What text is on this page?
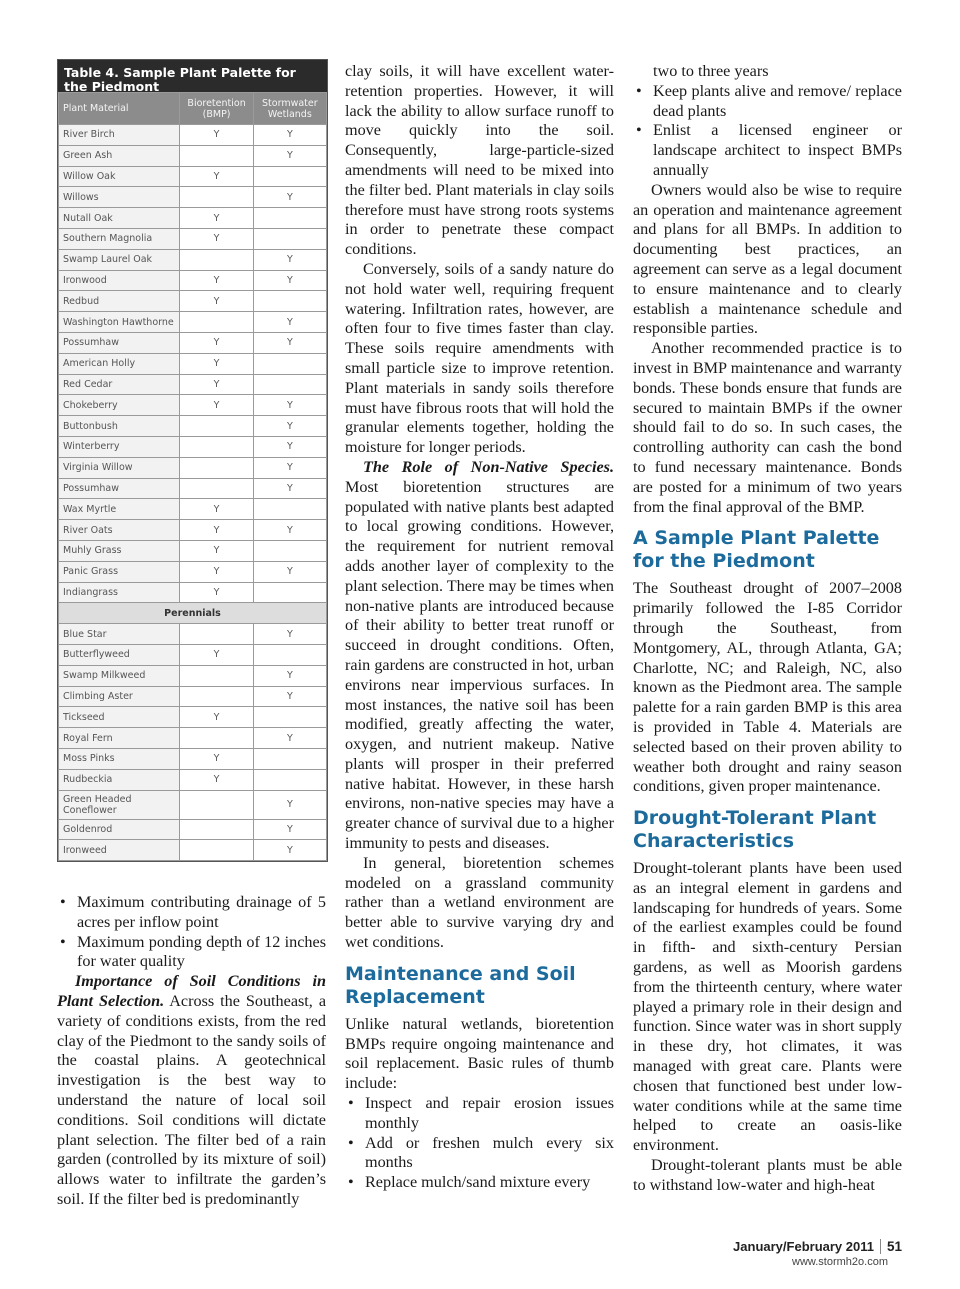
Table 4. Sample Plant Palette for the Piedmont
Plant Material	Bioretention (BMP)	Stormwater Wetlands
River Birch	Y	Y
Green Ash		Y
Willow Oak	Y	
Willows		Y
Nutall Oak	Y	
Southern Magnolia	Y	
Swamp Laurel Oak		Y
Ironwood	Y	Y
Redbud	Y	
Washington Hawthorne		Y
Possumhaw	Y	Y
American Holly	Y	
Red Cedar	Y	
Chokeberry	Y	Y
Buttonbush		Y
Winterberry		Y
Virginia Willow		Y
Possumhaw		Y
Wax Myrtle	Y	
River Oats	Y	Y
Muhly Grass	Y	
Panic Grass	Y	Y
Indiangrass	Y	
Perennials		
Blue Star		Y
Butterflyweed	Y	
Swamp Milkweed		Y
Climbing Aster		Y
Tickseed	Y	
Royal Fern		Y
Moss Pinks	Y	
Rudbeckia	Y	
Green Headed Coneflower		Y
Goldenrod		Y
Ironweed		Y
• Maximum contributing drainage of 5 acres per inflow point
• Maximum ponding depth of 12 inches for water quality

Importance of Soil Conditions in Plant Selection. Across the Southeast, a variety of conditions exists, from the red clay of the Piedmont to the sandy soils of the coastal plains. A geotechnical investigation is the best way to understand the nature of local soil conditions. Soil conditions will dictate plant selection. The filter bed of a rain garden (controlled by its mixture of soil) allows water to infiltrate the garden’s soil. If the filter bed is predominantly

clay soils, it will have excellent water-retention properties. However, it will lack the ability to allow surface runoff to move quickly into the soil. Consequently, large-particle-sized amendments will need to be mixed into the filter bed. Plant materials in clay soils therefore must have strong roots systems in order to penetrate these compact conditions.

Conversely, soils of a sandy nature do not hold water well, requiring frequent watering. Infiltration rates, however, are often four to five times faster than clay. These soils require amendments with small particle size to improve retention. Plant materials in sandy soils therefore must have fibrous roots that will hold the granular elements together, holding the moisture for longer periods.

The Role of Non-Native Species. Most bioretention structures are populated with native plants best adapted to local growing conditions. However, the requirement for nutrient removal adds another layer of complexity to the plant selection. There may be times when non-native plants are introduced because of their ability to better treat runoff or succeed in drought conditions. Often, rain gardens are constructed in hot, urban environs near impervious surfaces. In most instances, the native soil has been modified, greatly affecting the water, oxygen, and nutrient makeup. Native plants will prosper in their preferred native habitat. However, in these harsh environs, non-native species may have a greater chance of survival due to a higher immunity to pests and diseases.

In general, bioretention schemes modeled on a grassland community rather than a wetland environment are better able to survive varying dry and wet conditions.

Maintenance and Soil Replacement

Unlike natural wetlands, bioretention BMPs require ongoing maintenance and soil replacement. Basic rules of thumb include:

• Inspect and repair erosion issues monthly
• Add or freshen mulch every six months
• Replace mulch/sand mixture every

two to three years

• Keep plants alive and remove/ replace dead plants
• Enlist a licensed engineer or landscape architect to inspect BMPs annually

Owners would also be wise to require an operation and maintenance agreement and plans for all BMPs. In addition to documenting best practices, an agreement can serve as a legal document to ensure maintenance and to clearly establish a maintenance schedule and responsible parties.

Another recommended practice is to invest in BMP maintenance and warranty bonds. These bonds ensure that funds are secured to maintain BMPs if the owner should fail to do so. In such cases, the controlling authority can cash the bond to fund necessary maintenance. Bonds are posted for a minimum of two years from the final approval of the BMP.

A Sample Plant Palette for the Piedmont

The Southeast drought of 2007–2008 primarily followed the I-85 Corridor through the Southeast, from Montgomery, AL, through Atlanta, GA; Charlotte, NC; and Raleigh, NC, also known as the Piedmont area. The sample palette for a rain garden BMP is this area is provided in Table 4. Materials are selected based on their proven ability to weather both drought and rainy season conditions, given proper maintenance.

Drought-Tolerant Plant Characteristics

Drought-tolerant plants have been used as an integral element in gardens and landscaping for hundreds of years. Some of the earliest examples could be found in fifth- and sixth-century Persian gardens, as well as Moorish gardens from the thirteenth century, where water played a primary role in their design and function. Since water was in short supply in these dry, hot climates, it was managed with great care. Plants were chosen that functioned best under low-water conditions while at the same time helped to create an oasis-like environment.

Drought-tolerant plants must be able to withstand low-water and high-heat

January/February 2011 51
www.stormh2o.com
